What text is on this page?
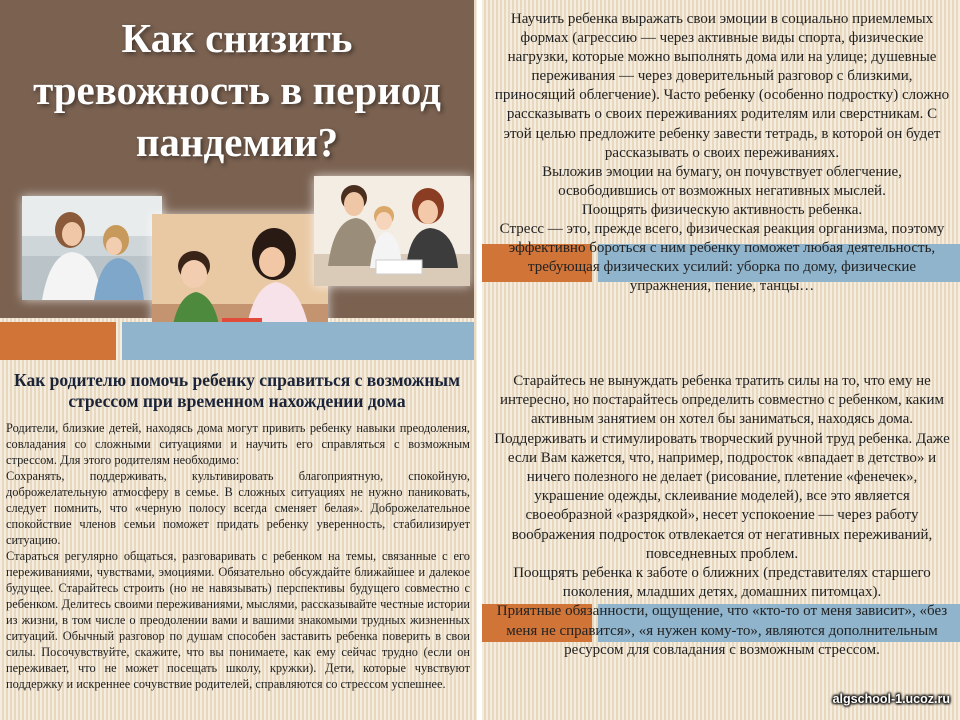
Как снизить тревожность в период пандемии?
Как родителю помочь ребенку справиться с возможным стрессом при временном нахождении дома

Родители, близкие детей, находясь дома могут привить ребенку навыки преодоления, совладания со сложными ситуациями и научить его справляться с возможным стрессом. Для этого родителям необходимо:

Сохранять, поддерживать, культивировать благоприятную, спокойную, доброжелательную атмосферу в семье. В сложных ситуациях не нужно паниковать, следует помнить, что «черную полосу всегда сменяет белая». Доброжелательное спокойствие членов семьи поможет придать ребенку уверенность, стабилизирует ситуацию.

Стараться регулярно общаться, разговаривать с ребенком на темы, связанные с его переживаниями, чувствами, эмоциями. Обязательно обсуждайте ближайшее и далекое будущее. Старайтесь строить (но не навязывать) перспективы будущего совместно с ребенком. Делитесь своими переживаниями, мыслями, рассказывайте честные истории из жизни, в том числе о преодолении вами и вашими знакомыми трудных жизненных ситуаций. Обычный разговор по душам способен заставить ребенка поверить в свои силы. Посочувствуйте, скажите, что вы понимаете, как ему сейчас трудно (если он переживает, что не может посещать школу, кружки). Дети, которые чувствуют поддержку и искреннее сочувствие родителей, справляются со стрессом успешнее.

Научить ребенка выражать свои эмоции в социально приемлемых формах (агрессию — через активные виды спорта, физические нагрузки, которые можно выполнять дома или на улице; душевные переживания — через доверительный разговор с близкими, приносящий облегчение). Часто ребенку (особенно подростку) сложно рассказывать о своих переживаниях родителям или сверстникам. С этой целью предложите ребенку завести тетрадь, в которой он будет рассказывать о своих переживаниях.

Выложив эмоции на бумагу, он почувствует облегчение, освободившись от возможных негативных мыслей.

Поощрять физическую активность ребенка.

Стресс — это, прежде всего, физическая реакция организма, поэтому эффективно бороться с ним ребенку поможет любая деятельность, требующая физических усилий: уборка по дому, физические упражнения, пение, танцы…

Старайтесь не вынуждать ребенка тратить силы на то, что ему не интересно, но постарайтесь определить совместно с ребенком, каким активным занятием он хотел бы заниматься, находясь дома.

Поддерживать и стимулировать творческий ручной труд ребенка. Даже если Вам кажется, что, например, подросток «впадает в детство» и ничего полезного не делает (рисование, плетение «фенечек», украшение одежды, склеивание моделей), все это является своеобразной «разрядкой», несет успокоение — через работу воображения подросток отвлекается от негативных переживаний, повседневных проблем.

Поощрять ребенка к заботе о ближних (представителях старшего поколения, младших детях, домашних питомцах).

Приятные обязанности, ощущение, что «кто-то от меня зависит», «без меня не справится», «я нужен кому-то», являются дополнительным ресурсом для совладания с возможным стрессом.

algschool-1.ucoz.ru
